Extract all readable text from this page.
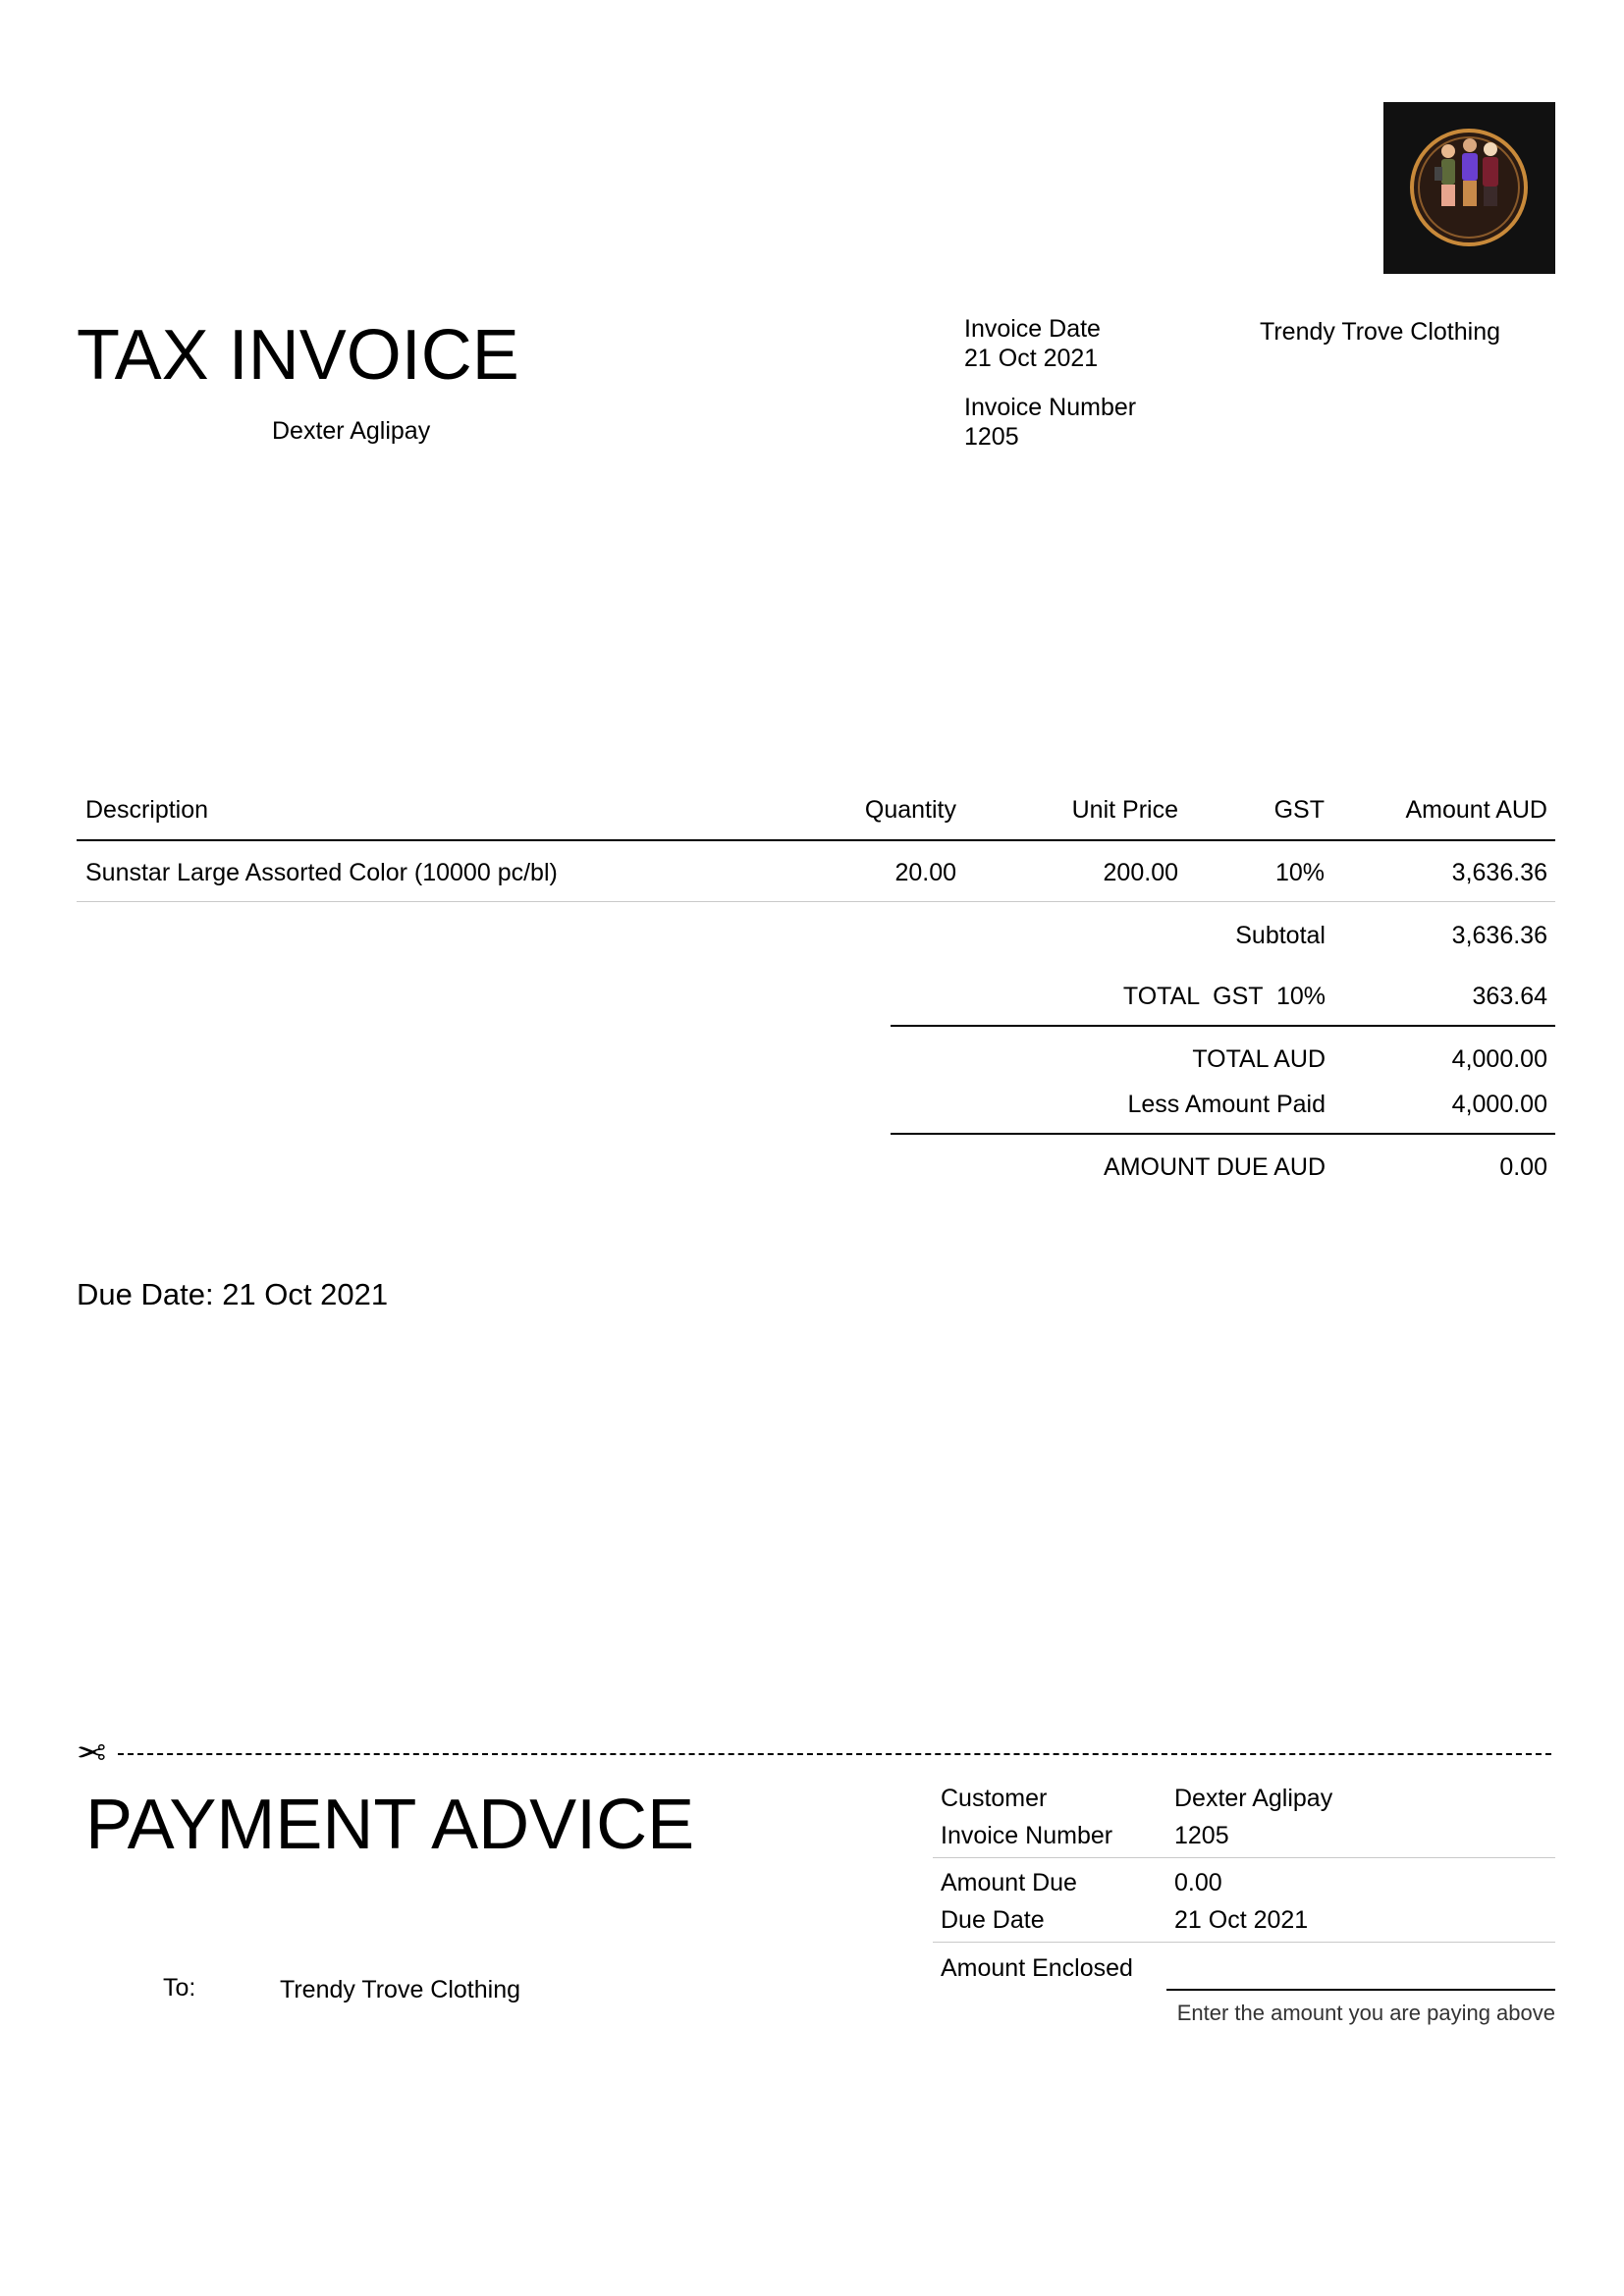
TAX INVOICE
Dexter Aglipay
Invoice Date
21 Oct 2021
Invoice Number
1205
Trendy Trove Clothing
Description	Quantity	Unit Price	GST	Amount AUD
Sunstar Large Assorted Color (10000 pc/bl)	20.00	200.00	10%	3,636.36
Subtotal	3,636.36
TOTAL  GST  10%	363.64
TOTAL AUD	4,000.00
Less Amount Paid	4,000.00
AMOUNT DUE AUD	0.00
Due Date: 21 Oct 2021
✂
PAYMENT ADVICE
To:	Trendy Trove Clothing
Customer	Dexter Aglipay
Invoice Number	1205
Amount Due	0.00
Due Date	21 Oct 2021
Amount Enclosed
Enter the amount you are paying above
